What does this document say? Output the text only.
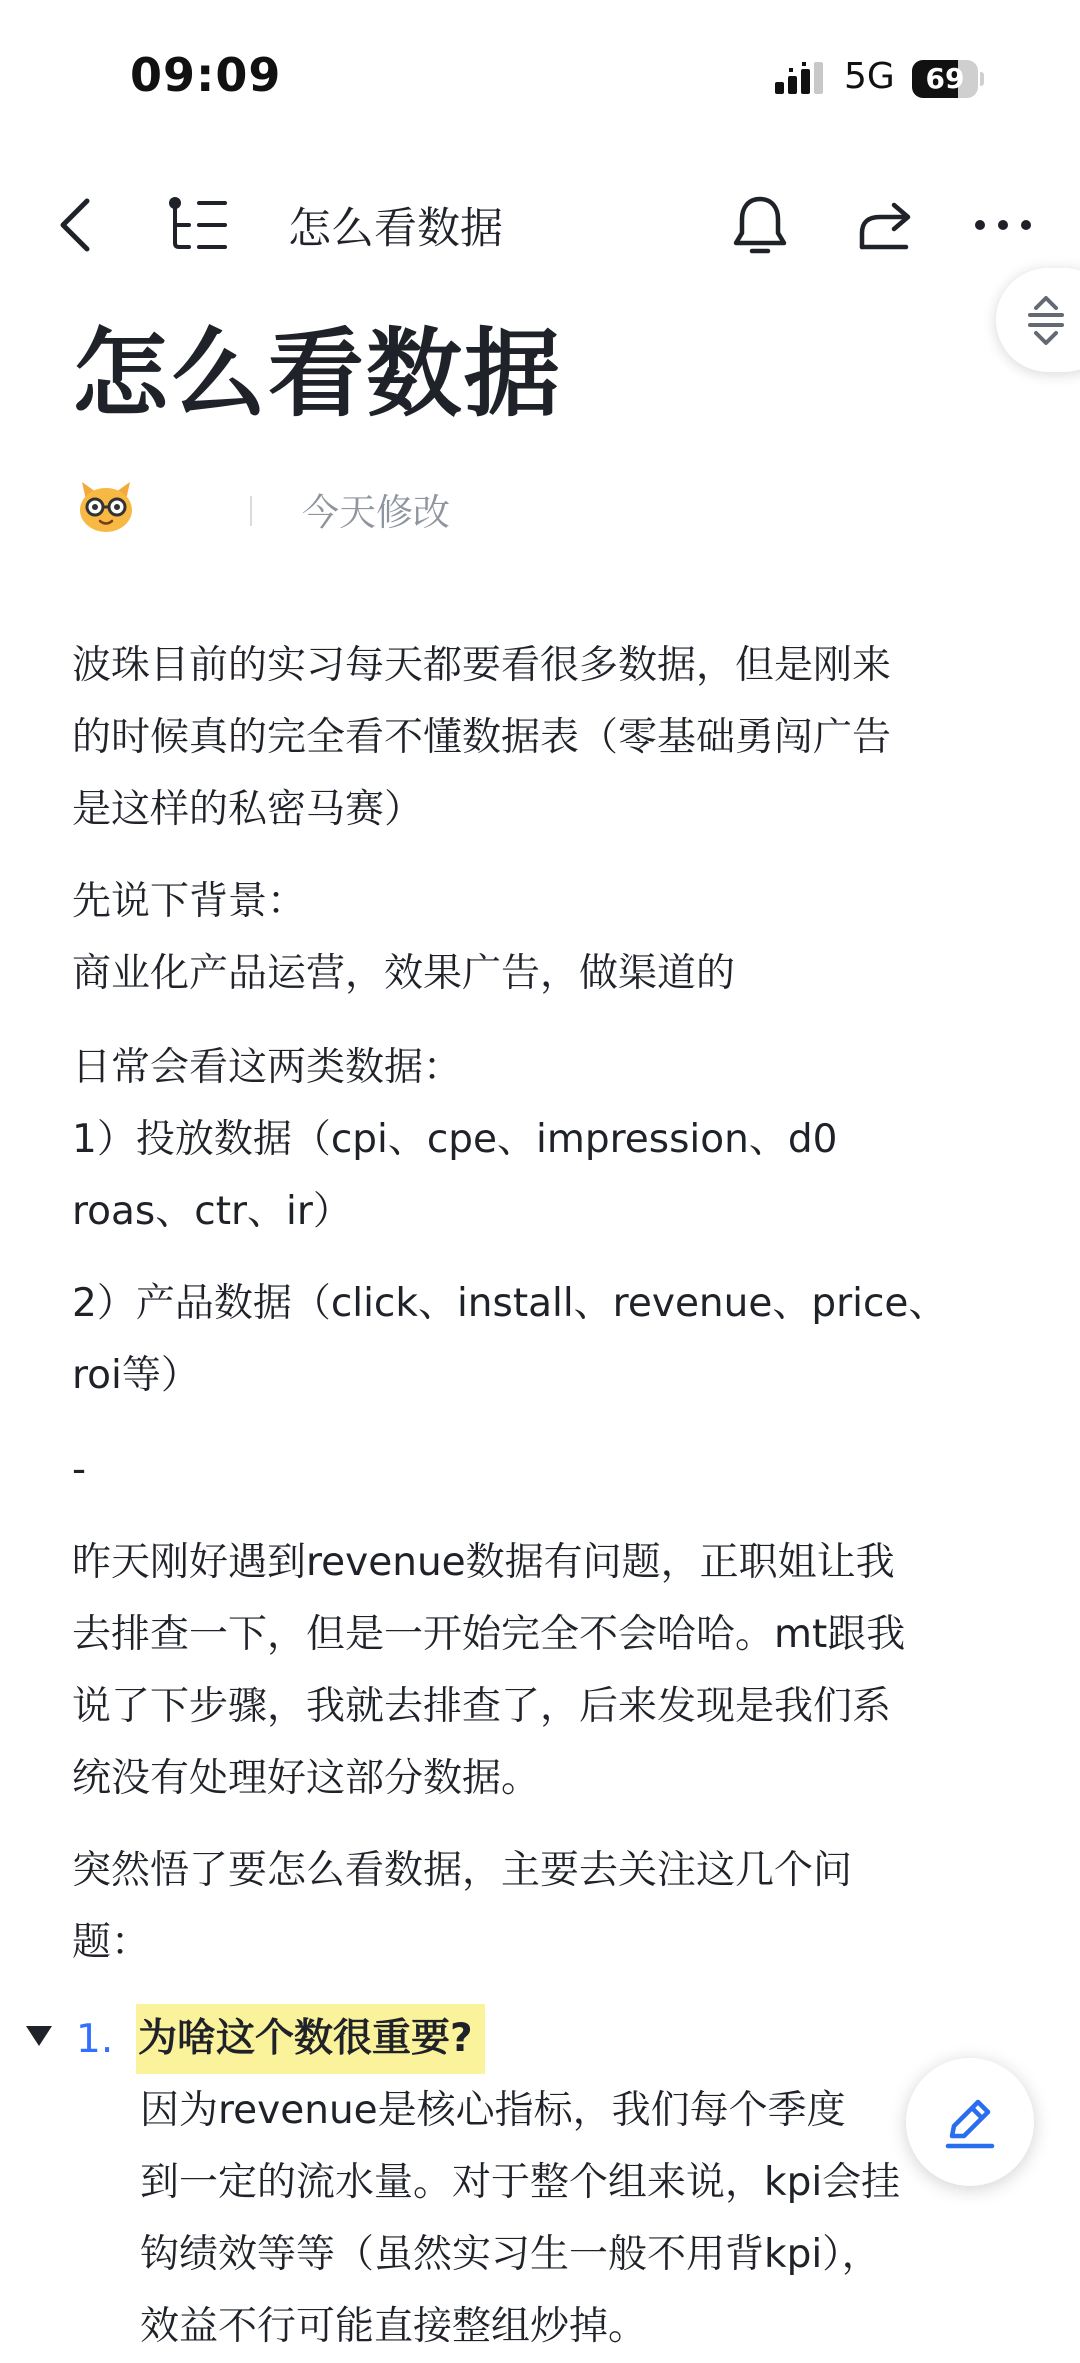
09:09	5G	69
怎么看数据
怎么看数据
今天修改
波珠目前的实习每天都要看很多数据，但是刚来
的时候真的完全看不懂数据表（零基础勇闯广告
是这样的私密马赛）
先说下背景：
商业化产品运营，效果广告，做渠道的
日常会看这两类数据：
1）投放数据（cpi、cpe、impression、d0
roas、ctr、ir）
2）产品数据（click、install、revenue、price、
roi等）
-
昨天刚好遇到revenue数据有问题，正职姐让我
去排查一下，但是一开始完全不会哈哈。mt跟我
说了下步骤，我就去排查了，后来发现是我们系
统没有处理好这部分数据。
突然悟了要怎么看数据，主要去关注这几个问
题：
1. 为啥这个数很重要?
因为revenue是核心指标，我们每个季度
到一定的流水量。对于整个组来说，kpi会挂
钩绩效等等（虽然实习生一般不用背kpi），
效益不行可能直接整组炒掉。
